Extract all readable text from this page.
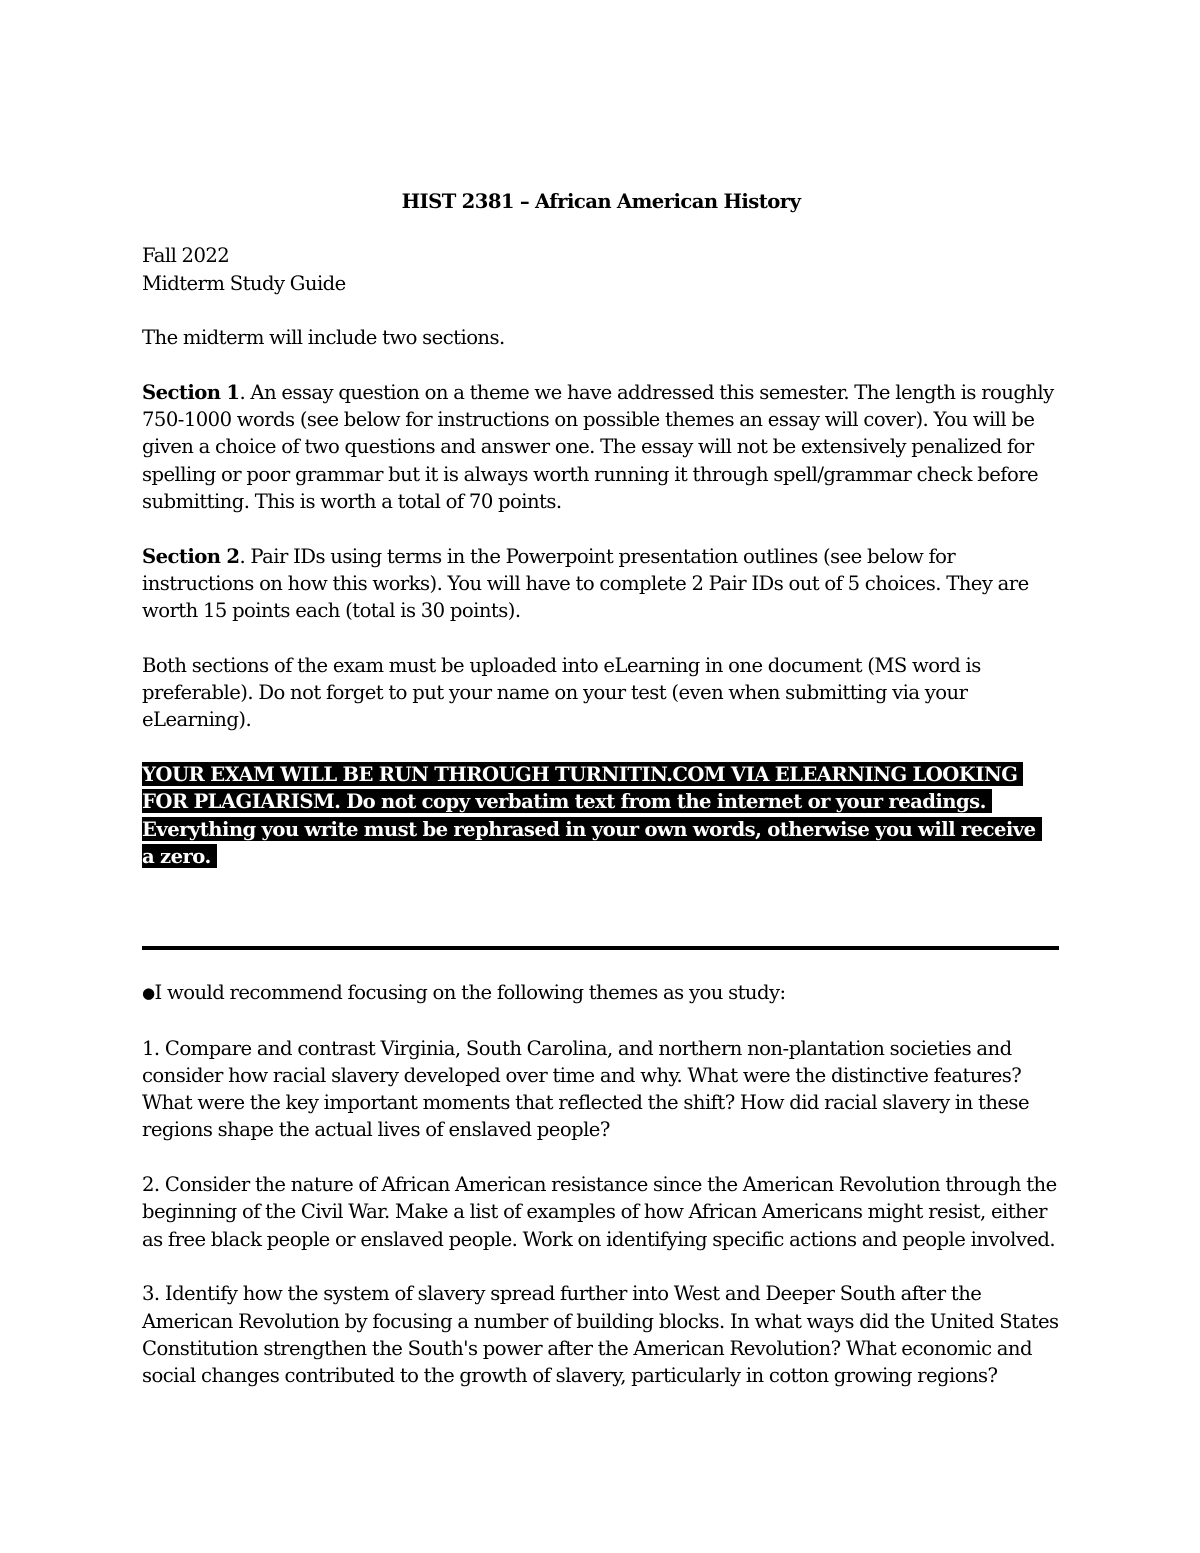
HIST 2381 – African American History

Fall 2022

Midterm Study Guide

The midterm will include two sections.

Section 1. An essay question on a theme we have addressed this semester. The length is roughly 750-1000 words (see below for instructions on possible themes an essay will cover). You will be given a choice of two questions and answer one. The essay will not be extensively penalized for spelling or poor grammar but it is always worth running it through spell/grammar check before submitting. This is worth a total of 70 points.

Section 2. Pair IDs using terms in the Powerpoint presentation outlines (see below for instructions on how this works). You will have to complete 2 Pair IDs out of 5 choices. They are worth 15 points each (total is 30 points).

Both sections of the exam must be uploaded into eLearning in one document (MS word is preferable). Do not forget to put your name on your test (even when submitting via your eLearning).

YOUR EXAM WILL BE RUN THROUGH TURNITIN.COM VIA ELEARNING LOOKING FOR PLAGIARISM. Do not copy verbatim text from the internet or your readings. Everything you write must be rephrased in your own words, otherwise you will receive a zero.

●I would recommend focusing on the following themes as you study:

1. Compare and contrast Virginia, South Carolina, and northern non-plantation societies and consider how racial slavery developed over time and why. What were the distinctive features? What were the key important moments that reflected the shift? How did racial slavery in these regions shape the actual lives of enslaved people?

2. Consider the nature of African American resistance since the American Revolution through the beginning of the Civil War. Make a list of examples of how African Americans might resist, either as free black people or enslaved people. Work on identifying specific actions and people involved.

3. Identify how the system of slavery spread further into West and Deeper South after the American Revolution by focusing a number of building blocks. In what ways did the United States Constitution strengthen the South's power after the American Revolution? What economic and social changes contributed to the growth of slavery, particularly in cotton growing regions?
